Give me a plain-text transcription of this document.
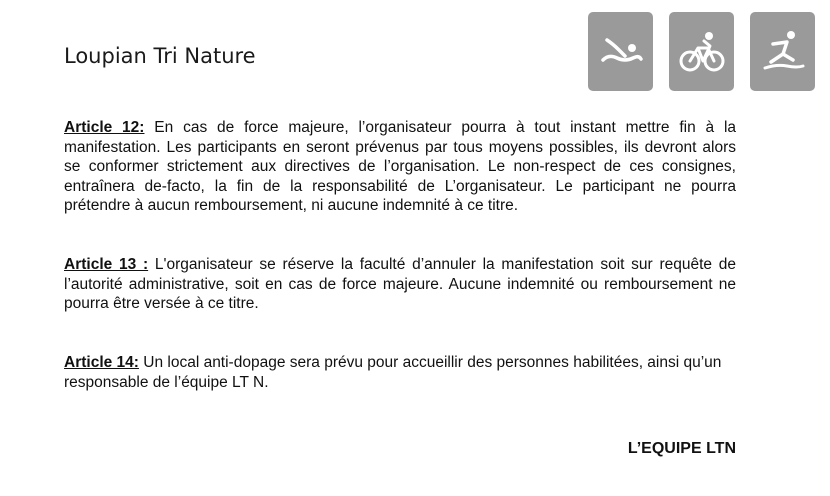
Loupian Tri Nature
Article 12: En cas de force majeure, l’organisateur pourra à tout instant mettre fin à la manifestation. Les participants en seront prévenus par tous moyens possibles, ils devront alors se conformer strictement aux directives de l’organisation. Le non-respect de ces consignes, entraînera de-facto, la fin de la responsabilité de L’organisateur. Le participant ne pourra prétendre à aucun remboursement, ni aucune indemnité à ce titre.
Article 13 : L'organisateur se réserve la faculté d’annuler la manifestation soit sur requête de l’autorité administrative, soit en cas de force majeure. Aucune indemnité ou remboursement ne pourra être versée à ce titre.
Article 14: Un local anti-dopage sera prévu pour accueillir des personnes habilitées, ainsi qu’un responsable de l’équipe LT N.
L’EQUIPE LTN
